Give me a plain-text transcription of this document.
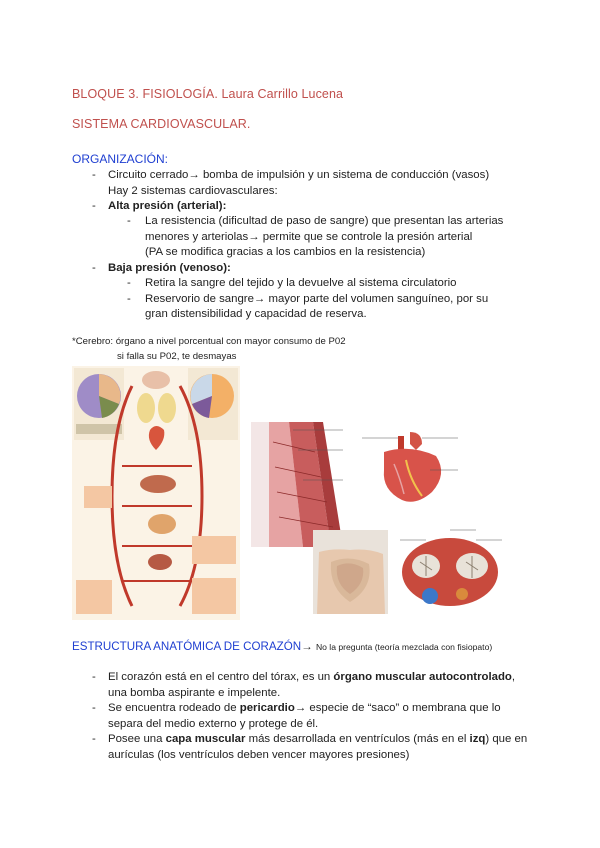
BLOQUE 3. FISIOLOGÍA. Laura Carrillo Lucena
SISTEMA CARDIOVASCULAR.
ORGANIZACIÓN:
- Circuito cerrado→ bomba de impulsión y un sistema de conducción (vasos)
Hay 2 sistemas cardiovasculares:
- Alta presión (arterial):
- La resistencia (dificultad de paso de sangre) que presentan las arterias
menores y arteriolas→ permite que se controle la presión arterial
(PA se modifica gracias a los cambios en la resistencia)
- Baja presión (venoso):
- Retira la sangre del tejido y la devuelve al sistema circulatorio
- Reservorio de sangre→ mayor parte del volumen sanguíneo, por su
gran distensibilidad y capacidad de reserva.
*Cerebro: órgano a nivel porcentual con mayor consumo de P02
si falla su P02, te desmayas
ESTRUCTURA ANATÓMICA DE CORAZÓN→ No la pregunta (teoría mezclada con fisiopato)
- El corazón está en el centro del tórax, es un órgano muscular autocontrolado,
una bomba aspirante e impelente.
- Se encuentra rodeado de pericardio→ especie de “saco” o membrana que lo
separa del medio externo y protege de él.
- Posee una capa muscular más desarrollada en ventrículos (más en el izq) que en
aurículas (los ventrículos deben vencer mayores presiones)
